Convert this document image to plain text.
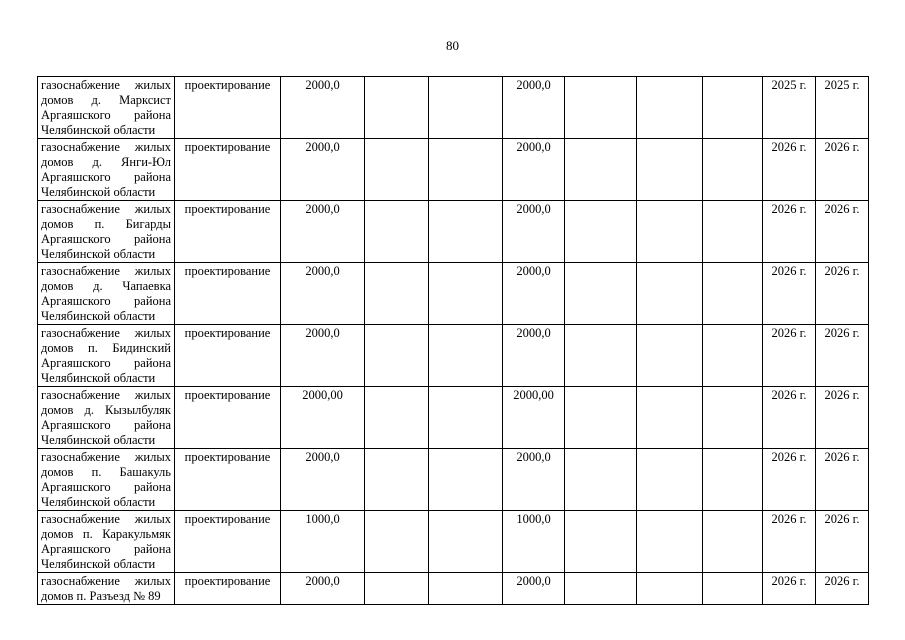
80
газоснабжение жилых домов д. Марксист Аргаяшского района Челябинской области	проектирование	2000,0			2000,0				2025 г.	2025 г.
газоснабжение жилых домов д. Янги-Юл Аргаяшского района Челябинской области	проектирование	2000,0			2000,0				2026 г.	2026 г.
газоснабжение жилых домов п. Бигарды Аргаяшского района Челябинской области	проектирование	2000,0			2000,0				2026 г.	2026 г.
газоснабжение жилых домов д. Чапаевка Аргаяшского района Челябинской области	проектирование	2000,0			2000,0				2026 г.	2026 г.
газоснабжение жилых домов п. Бидинский Аргаяшского района Челябинской области	проектирование	2000,0			2000,0				2026 г.	2026 г.
газоснабжение жилых домов д. Кызылбуляк Аргаяшского района Челябинской области	проектирование	2000,00			2000,00				2026 г.	2026 г.
газоснабжение жилых домов п. Башакуль Аргаяшского района Челябинской области	проектирование	2000,0			2000,0				2026 г.	2026 г.
газоснабжение жилых домов п. Каракульмяк Аргаяшского района Челябинской области	проектирование	1000,0			1000,0				2026 г.	2026 г.
газоснабжение жилых домов п. Разъезд № 89	проектирование	2000,0			2000,0				2026 г.	2026 г.
